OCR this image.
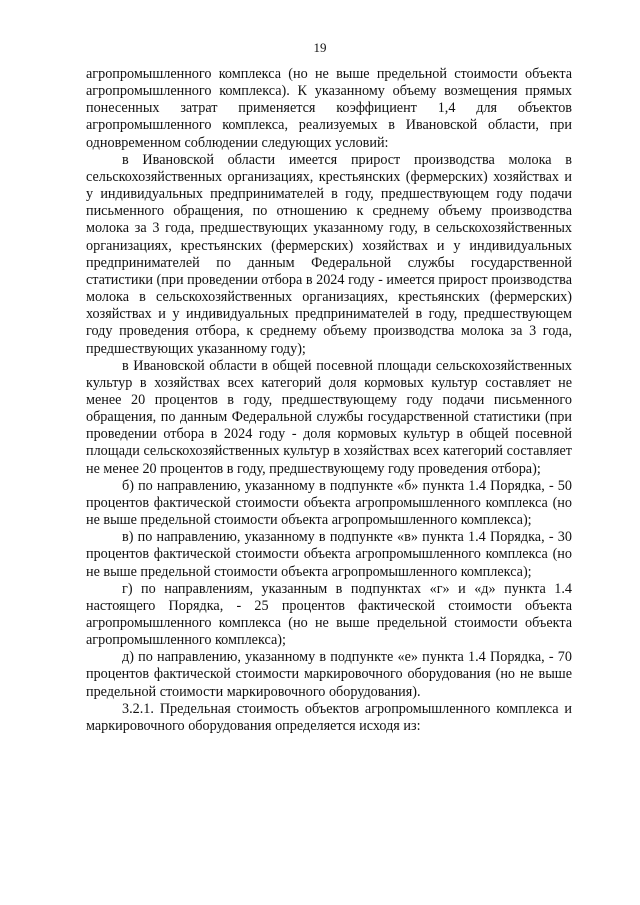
19

агропромышленного комплекса (но не выше предельной стоимости объекта агропромышленного комплекса). К указанному объему возмещения прямых понесенных затрат применяется коэффициент 1,4 для объектов агропромышленного комплекса, реализуемых в Ивановской области, при одновременном соблюдении следующих условий:

в Ивановской области имеется прирост производства молока в сельскохозяйственных организациях, крестьянских (фермерских) хозяйствах и у индивидуальных предпринимателей в году, предшествующем году подачи письменного обращения, по отношению к среднему объему производства молока за 3 года, предшествующих указанному году, в сельскохозяйственных организациях, крестьянских (фермерских) хозяйствах и у индивидуальных предпринимателей по данным Федеральной службы государственной статистики (при проведении отбора в 2024 году - имеется прирост производства молока в сельскохозяйственных организациях, крестьянских (фермерских) хозяйствах и у индивидуальных предпринимателей в году, предшествующем году проведения отбора, к среднему объему производства молока за 3 года, предшествующих указанному году);

в Ивановской области в общей посевной площади сельскохозяйственных культур в хозяйствах всех категорий доля кормовых культур составляет не менее 20 процентов в году, предшествующему году подачи письменного обращения, по данным Федеральной службы государственной статистики (при проведении отбора в 2024 году - доля кормовых культур в общей посевной площади сельскохозяйственных культур в хозяйствах всех категорий составляет не менее 20 процентов в году, предшествующему году проведения отбора);

б) по направлению, указанному в подпункте «б» пункта 1.4 Порядка, - 50 процентов фактической стоимости объекта агропромышленного комплекса (но не выше предельной стоимости объекта агропромышленного комплекса);

в) по направлению, указанному в подпункте «в» пункта 1.4 Порядка, - 30 процентов фактической стоимости объекта агропромышленного комплекса (но не выше предельной стоимости объекта агропромышленного комплекса);

г) по направлениям, указанным в подпунктах «г» и «д» пункта 1.4 настоящего Порядка, - 25 процентов фактической стоимости объекта агропромышленного комплекса (но не выше предельной стоимости объекта агропромышленного комплекса);

д) по направлению, указанному в подпункте «е» пункта 1.4 Порядка, - 70 процентов фактической стоимости маркировочного оборудования (но не выше предельной стоимости маркировочного оборудования).

3.2.1. Предельная стоимость объектов агропромышленного комплекса и маркировочного оборудования определяется исходя из:
